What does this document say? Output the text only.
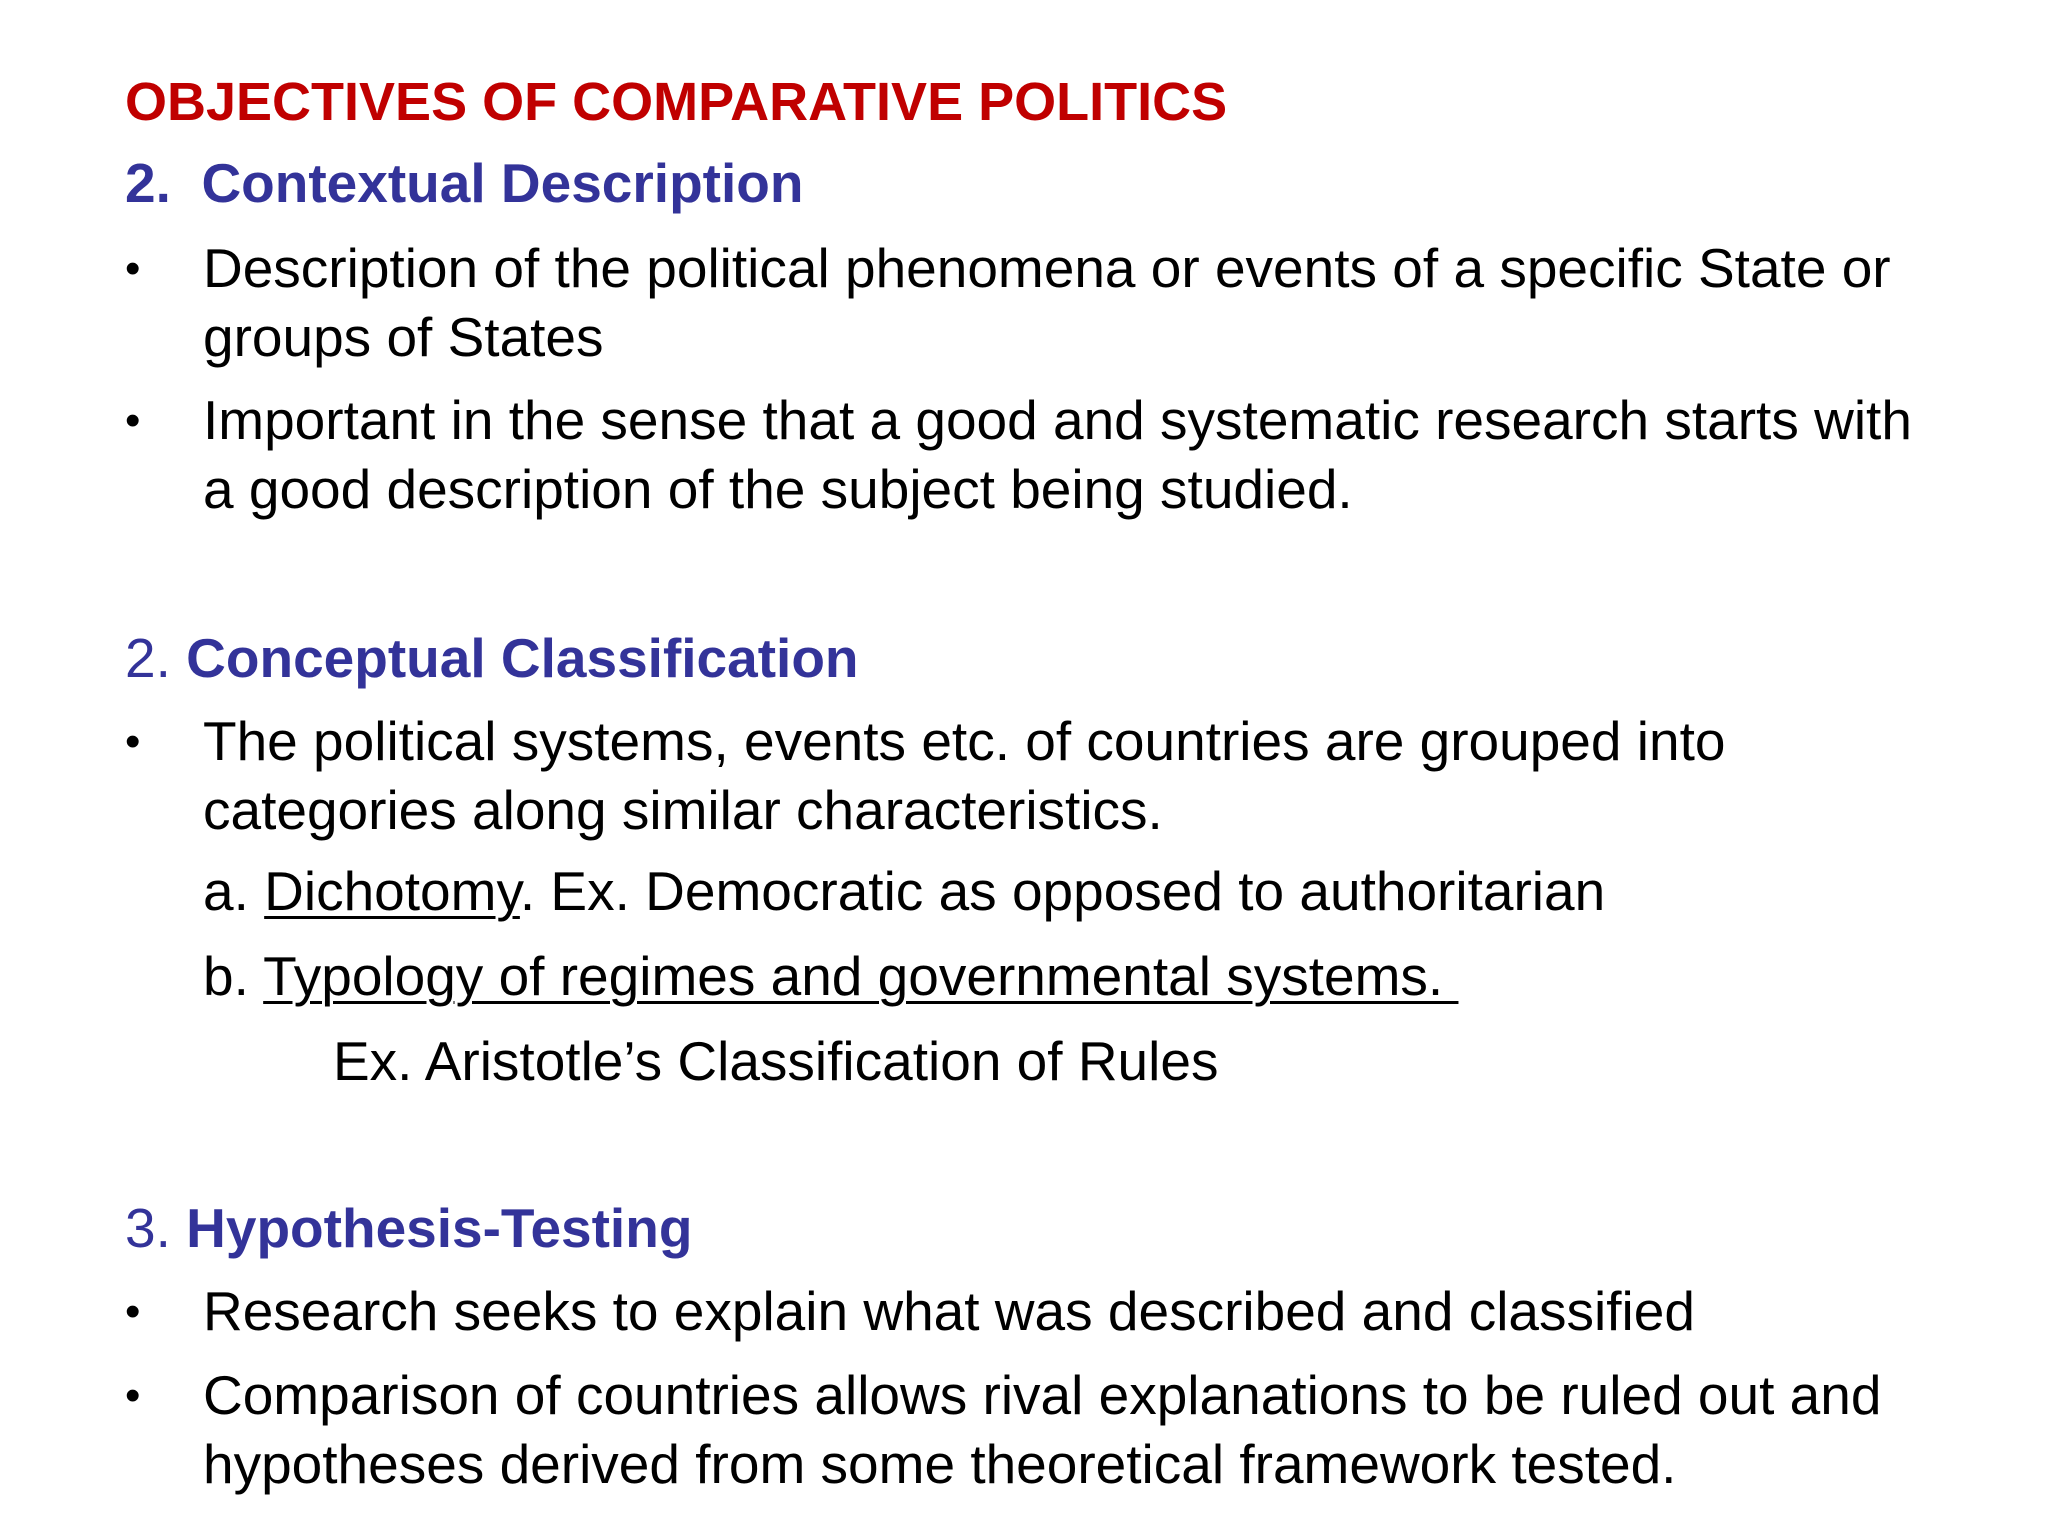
OBJECTIVES OF COMPARATIVE POLITICS
2. Contextual Description
•	Description of the political phenomena or events of a specific State or groups of States
•	Important in the sense that a good and systematic research starts with a good description of the subject being studied.
2. Conceptual Classification
•	The political systems, events etc. of countries are grouped into categories along similar characteristics.
a. Dichotomy. Ex. Democratic as opposed to authoritarian
b. Typology of regimes and governmental systems.
Ex. Aristotle’s Classification of Rules
3. Hypothesis-Testing
•	Research seeks to explain what was described and classified
•	Comparison of countries allows rival explanations to be ruled out and hypotheses derived from some theoretical framework tested.
